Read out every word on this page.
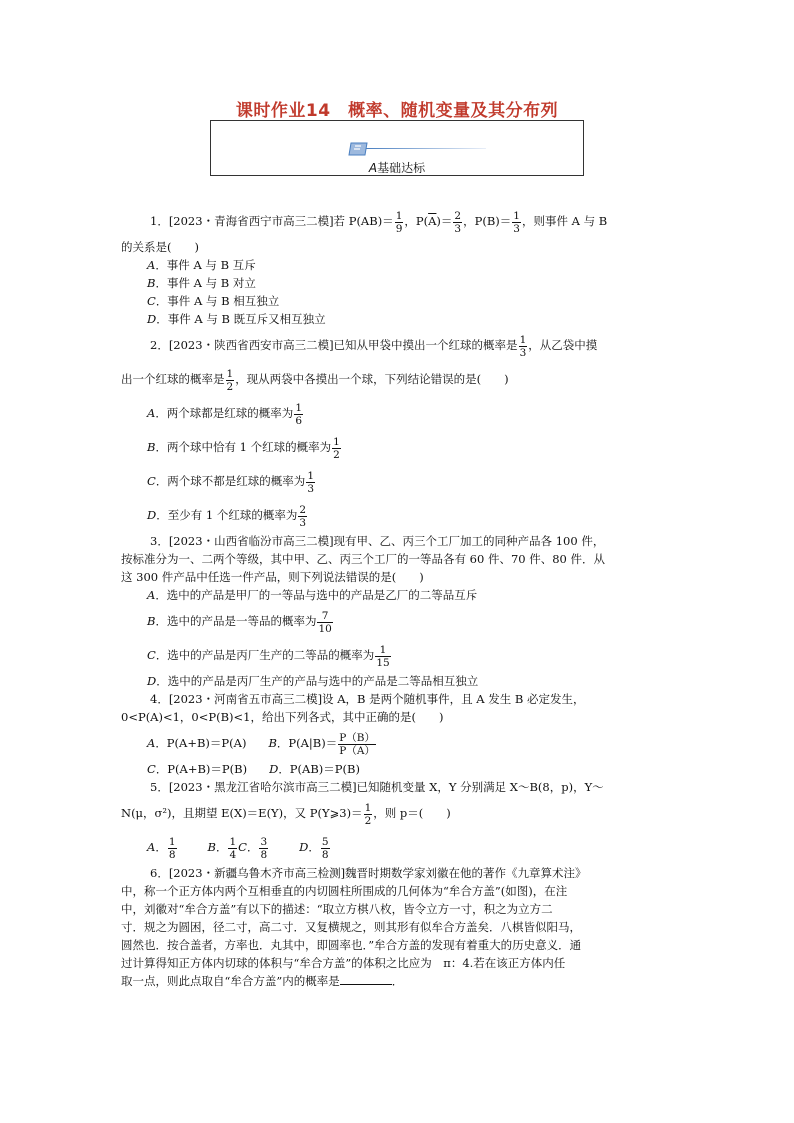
课时作业14　概率、随机变量及其分布列
A基础达标
1．[2023・青海省西宁市高三二模]若 $P(AB)= \frac{1}{9}$ ，$P(\overline{A})= \frac{2}{3}$ ，$P(B)= \frac{1}{3}$ ，则事件 A 与 B
的关系是(　　)
A．事件 A 与 B 互斥
B．事件 A 与 B 对立
C．事件 A 与 B 相互独立
D．事件 A 与 B 既互斥又相互独立
2．[2023・陕西省西安市高三二模]已知从甲袋中摸出一个红球的概率是 $\frac{1}{3}$ ，从乙袋中摸
出一个红球的概率是 $\frac{1}{2}$ ，现从两袋中各摸出一个球，下列结论错误的是(　　)
A．两个球都是红球的概率为 $\frac{1}{6}$
B．两个球中恰有 1 个红球的概率为 $\frac{1}{2}$
C．两个球不都是红球的概率为 $\frac{1}{3}$
D．至少有 1 个红球的概率为 $\frac{2}{3}$
3．[2023・山西省临汾市高三二模]现有甲、乙、丙三个工厂加工的同种产品各 100 件，
按标准分为一、二两个等级，其中甲、乙、丙三个工厂的一等品各有 60 件、70 件、80 件．从
这 300 件产品中任选一件产品，则下列说法错误的是(　　)
A．选中的产品是甲厂的一等品与选中的产品是乙厂的二等品互斥
B．选中的产品是一等品的概率为 $\frac{7}{10}$
C．选中的产品是丙厂生产的二等品的概率为 $\frac{1}{15}$
D．选中的产品是丙厂生产的产品与选中的产品是二等品相互独立
4．[2023・河南省五市高三二模]设 A，B 是两个随机事件，且 A 发生 B 必定发生，
0<P(A)<1，0<P(B)<1，给出下列各式，其中正确的是(　　)
A．P(A+B)＝P(A) B．$P(A|B)= \frac{P(B)}{P(A)}$
C．P(A+B)＝P(B) D．P(AB)＝P(B)
5．[2023・黑龙江省哈尔滨市高三二模]已知随机变量 X，Y 分别满足 X～B(8，p)，Y～
N(μ，σ²)，且期望 E(X)＝E(Y)，又 P(Y⩾3)＝ $\frac{1}{2}$ ，则 p＝(　　)
A． $\frac{1}{8}$	B． $\frac{1}{4}$ C． $\frac{3}{8}$	D． $\frac{5}{8}$
6．[2023・新疆乌鲁木齐市高三检测]魏晋时期数学家刘徽在他的著作《九章算术注》
中，称一个正方体内两个互相垂直的内切圆柱所围成的几何体为“牟合方盖”(如图)，在注
中，刘徽对“牟合方盖”有以下的描述：“取立方棋八枚，皆令立方一寸，积之为立方二
寸．规之为圆困，径二寸，高二寸．又复横规之，则其形有似牟合方盖矣．八棋皆似阳马，
圆然也．按合盖者，方率也．丸其中，即圆率也．”牟合方盖的发现有着重大的历史意义．通
过计算得知正方体内切球的体积与“牟合方盖”的体积之比应为　π：4.若在该正方体内任
取一点，则此点取自“牟合方盖”内的概率是	．
